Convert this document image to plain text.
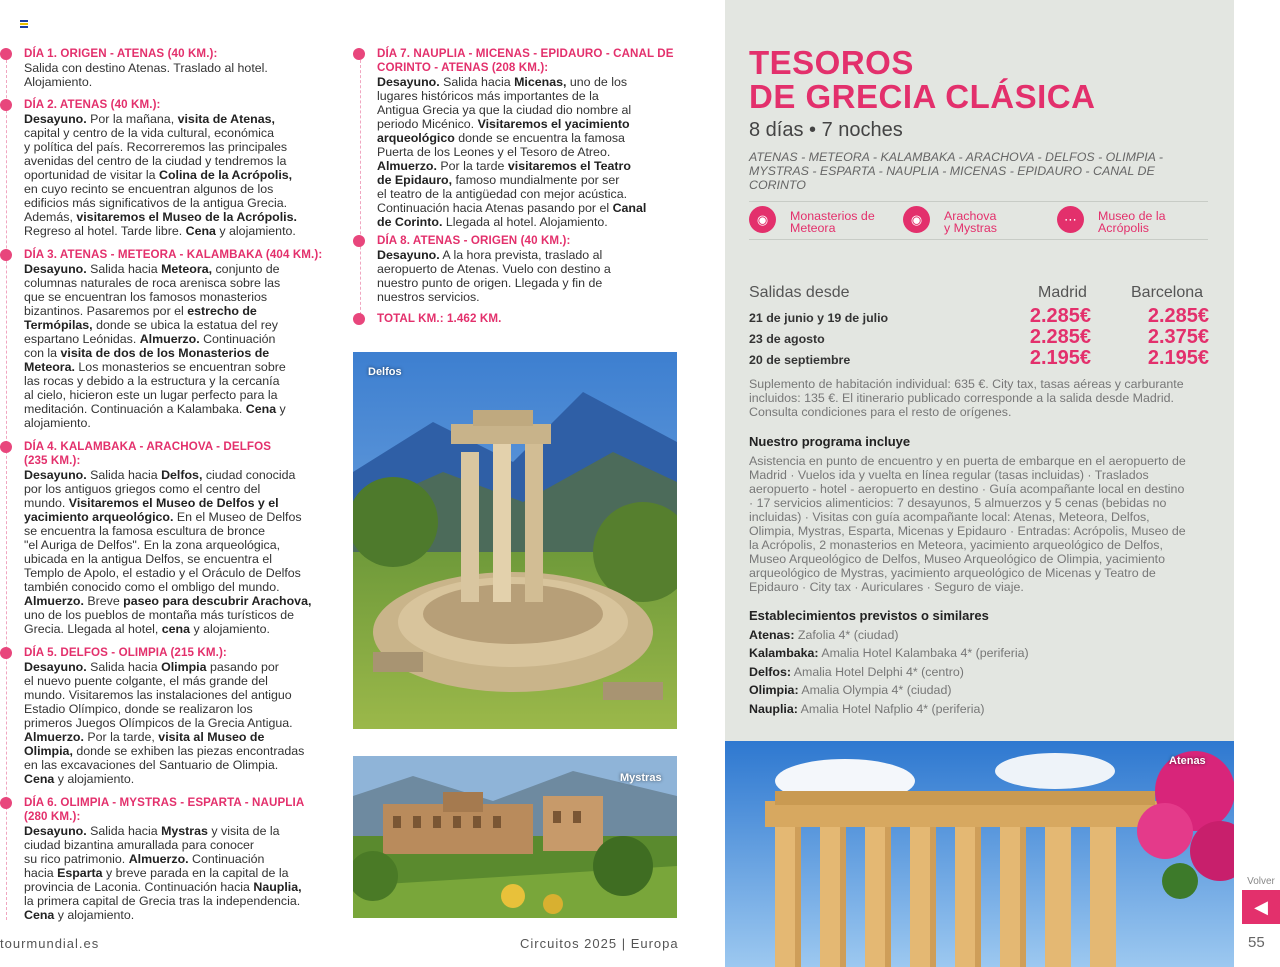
DÍA 1. ORIGEN - ATENAS (40 KM.):
Salida con destino Atenas. Traslado al hotel.
Alojamiento.
DÍA 2. ATENAS (40 KM.):
Desayuno. Por la mañana, visita de Atenas,
capital y centro de la vida cultural, económica
y política del país. Recorreremos las principales
avenidas del centro de la ciudad y tendremos la
oportunidad de visitar la Colina de la Acrópolis,
en cuyo recinto se encuentran algunos de los
edificios más significativos de la antigua Grecia.
Además, visitaremos el Museo de la Acrópolis.
Regreso al hotel. Tarde libre. Cena y alojamiento.
DÍA 3. ATENAS - METEORA - KALAMBAKA (404 KM.):
Desayuno. Salida hacia Meteora, conjunto de
columnas naturales de roca arenisca sobre las
que se encuentran los famosos monasterios
bizantinos. Pasaremos por el estrecho de
Termópilas, donde se ubica la estatua del rey
espartano Leónidas. Almuerzo. Continuación
con la visita de dos de los Monasterios de
Meteora. Los monasterios se encuentran sobre
las rocas y debido a la estructura y la cercanía
al cielo, hicieron este un lugar perfecto para la
meditación. Continuación a Kalambaka. Cena y
alojamiento.
DÍA 4. KALAMBAKA - ARACHOVA - DELFOS
(235 KM.):
Desayuno. Salida hacia Delfos, ciudad conocida
por los antiguos griegos como el centro del
mundo. Visitaremos el Museo de Delfos y el
yacimiento arqueológico. En el Museo de Delfos
se encuentra la famosa escultura de bronce
"el Auriga de Delfos". En la zona arqueológica,
ubicada en la antigua Delfos, se encuentra el
Templo de Apolo, el estadio y el Oráculo de Delfos
también conocido como el ombligo del mundo.
Almuerzo. Breve paseo para descubrir Arachova,
uno de los pueblos de montaña más turísticos de
Grecia. Llegada al hotel, cena y alojamiento.
DÍA 5. DELFOS - OLIMPIA (215 KM.):
Desayuno. Salida hacia Olimpia pasando por
el nuevo puente colgante, el más grande del
mundo. Visitaremos las instalaciones del antiguo
Estadio Olímpico, donde se realizaron los
primeros Juegos Olímpicos de la Grecia Antigua.
Almuerzo. Por la tarde, visita al Museo de
Olimpia, donde se exhiben las piezas encontradas
en las excavaciones del Santuario de Olimpia.
Cena y alojamiento.
DÍA 6. OLIMPIA - MYSTRAS - ESPARTA - NAUPLIA
(280 KM.):
Desayuno. Salida hacia Mystras y visita de la
ciudad bizantina amurallada para conocer
su rico patrimonio. Almuerzo. Continuación
hacia Esparta y breve parada en la capital de la
provincia de Laconia. Continuación hacia Nauplia,
la primera capital de Grecia tras la independencia.
Cena y alojamiento.
DÍA 7. NAUPLIA - MICENAS - EPIDAURO - CANAL DE
CORINTO - ATENAS (208 KM.):
Desayuno. Salida hacia Micenas, uno de los
lugares históricos más importantes de la
Antigua Grecia ya que la ciudad dio nombre al
periodo Micénico. Visitaremos el yacimiento
arqueológico donde se encuentra la famosa
Puerta de los Leones y el Tesoro de Atreo.
Almuerzo. Por la tarde visitaremos el Teatro
de Epidauro, famoso mundialmente por ser
el teatro de la antigüedad con mejor acústica.
Continuación hacia Atenas pasando por el Canal
de Corinto. Llegada al hotel. Alojamiento.
DÍA 8. ATENAS - ORIGEN (40 KM.):
Desayuno. A la hora prevista, traslado al
aeropuerto de Atenas. Vuelo con destino a
nuestro punto de origen. Llegada y fin de
nuestros servicios.
TOTAL KM.: 1.462 KM.
Delfos
Mystras
tourmundial.es	Circuitos 2025 | Europa
TESOROS
DE GRECIA CLÁSICA
8 días • 7 noches
ATENAS - METEORA - KALAMBAKA - ARACHOVA - DELFOS - OLIMPIA - MYSTRAS - ESPARTA - NAUPLIA - MICENAS - EPIDAURO - CANAL DE CORINTO
◉	Monasterios de
Meteora
◉	Arachova
y Mystras
⋯	Museo de la
Acrópolis
Salidas desde	Madrid	Barcelona
21 de junio y 19 de julio	2.285€	2.285€
23 de agosto	2.285€	2.375€
20 de septiembre	2.195€	2.195€
Suplemento de habitación individual: 635 €. City tax, tasas aéreas y carburante incluidos: 135 €. El itinerario publicado corresponde a la salida desde Madrid. Consulta condiciones para el resto de orígenes.
Nuestro programa incluye
Asistencia en punto de encuentro y en puerta de embarque en el aeropuerto de Madrid · Vuelos ida y vuelta en línea regular (tasas incluidas) · Traslados aeropuerto - hotel - aeropuerto en destino · Guía acompañante local en destino · 17 servicios alimenticios: 7 desayunos, 5 almuerzos y 5 cenas (bebidas no incluidas) · Visitas con guía acompañante local: Atenas, Meteora, Delfos, Olimpia, Mystras, Esparta, Micenas y Epidauro · Entradas: Acrópolis, Museo de la Acrópolis, 2 monasterios en Meteora, yacimiento arqueológico de Delfos, Museo Arqueológico de Delfos, Museo Arqueológico de Olimpia, yacimiento arqueológico de Mystras, yacimiento arqueológico de Micenas y Teatro de Epidauro · City tax · Auriculares · Seguro de viaje.
Establecimientos previstos o similares
Atenas: Zafolia 4* (ciudad)
Kalambaka: Amalia Hotel Kalambaka 4* (periferia)
Delfos: Amalia Hotel Delphi 4* (centro)
Olimpia: Amalia Olympia 4* (ciudad)
Nauplia: Amalia Hotel Nafplio 4* (periferia)
Atenas
Volver
◀
55
